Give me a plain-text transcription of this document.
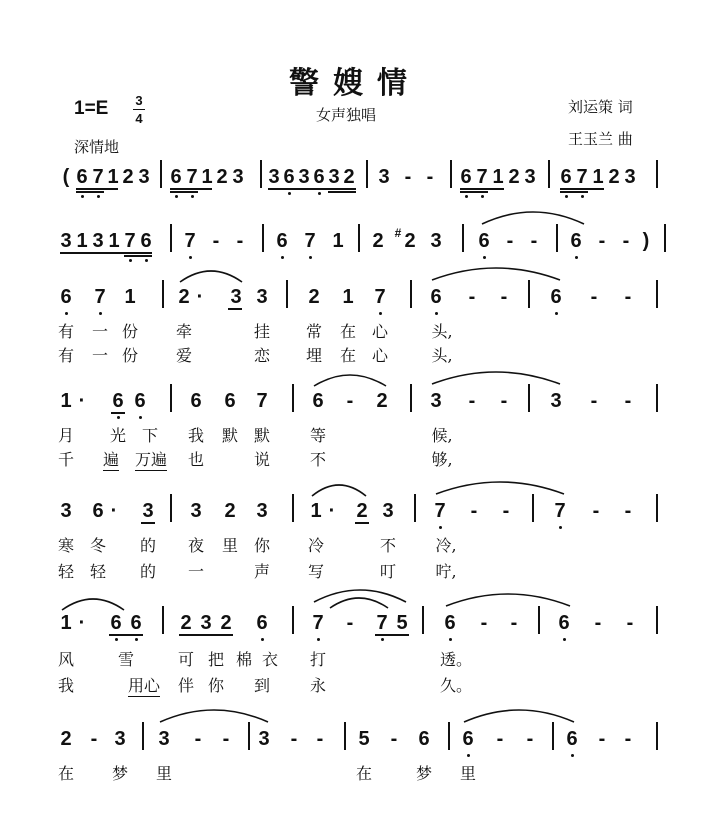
警嫂情
1=E 3
4	女声独唱	刘运策 词
王玉兰 曲
深情地
( 6 7 1 2 3 6 7 1 2 3 3 6 3 6 3 2 3 - - 6 7 1 2 3 6 7 1 2 3
3 1 3 1 7 6 7 - - 6 7 1 2 # 2 3 6 - - 6 - - )
6 7 1 2 · 3 3 2 1 7 6 - - 6 - -
有 一 份 牵	挂 常 在 心	头,
有 一 份 爱	恋 埋 在 心	头,
1 · 6 6 6 6 7 6 - 2 3 - - 3 - -
月 光 下 我 默 默 等	候,
千 遍 万 遍 也	说 不	够,
3 6 · 3 3 2 3 1 · 2 3 7 - - 7 - -
寒 冬 的 夜 里 你 冷	不 冷,
轻 轻 的 一	声 写	叮 咛,
1 · 6 6 2 3 2 6 7 - 7 5 6 - - 6 - -
风	雪	可 把 棉 衣 打	透。
我	用 心 伴 你 到 永	久。
2 - 3 3 - - 3 - - 5 - 6 6 - - 6 - -
在 梦 里	在	梦 里
